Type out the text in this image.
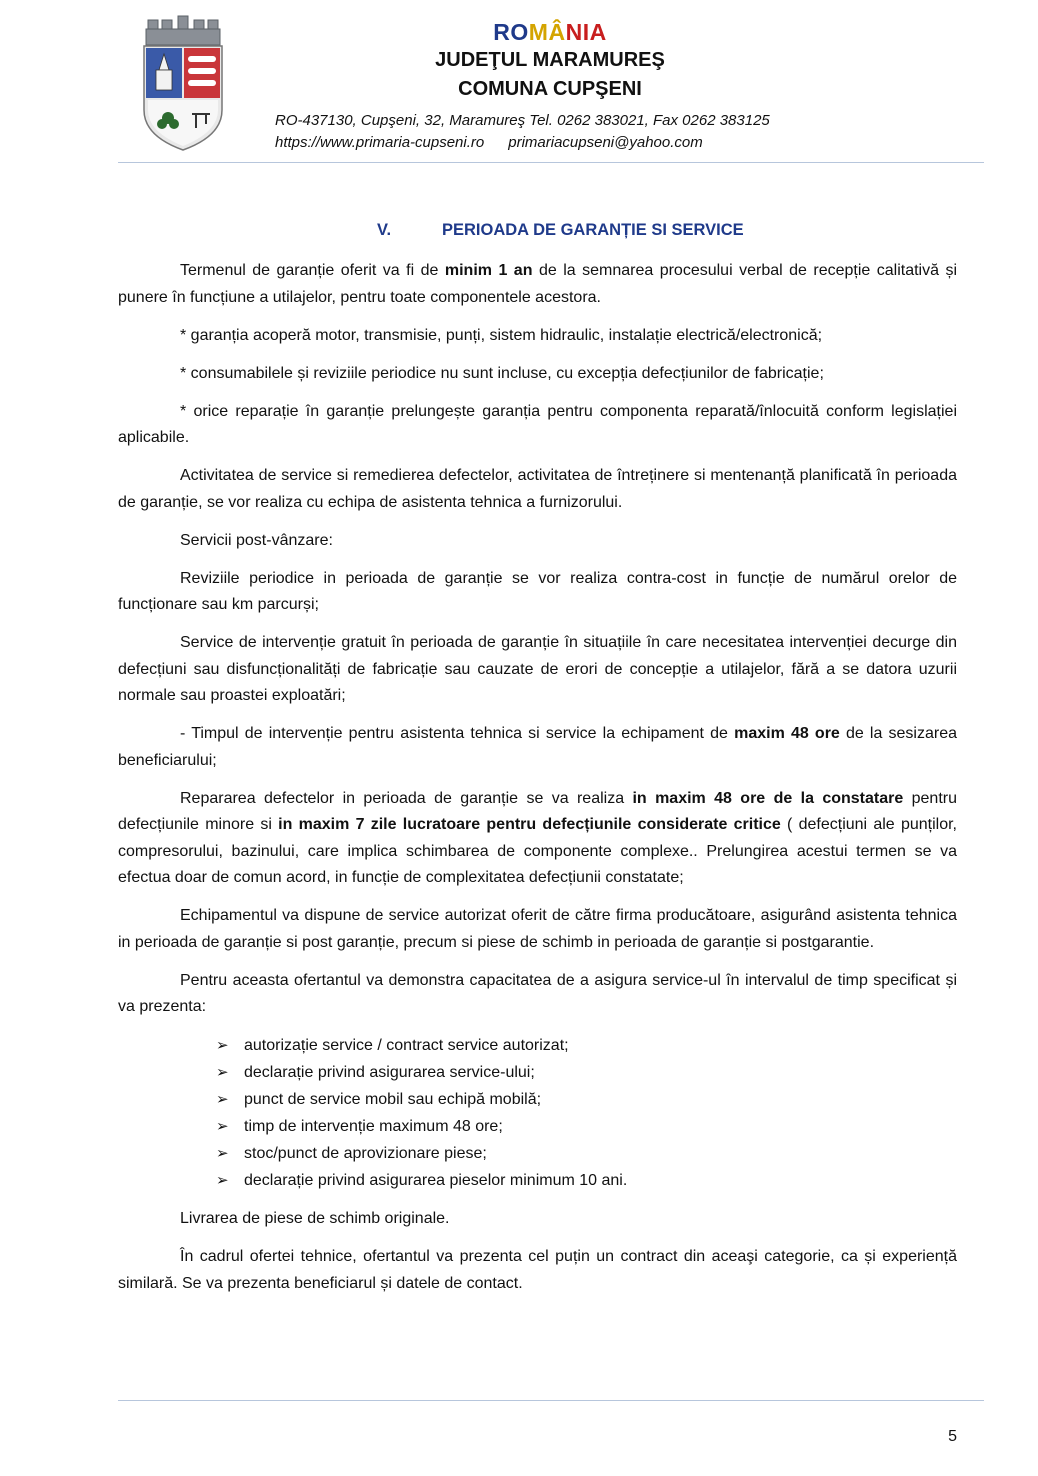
ROMÂNIA
JUDEŢUL MARAMUREŞ
COMUNA CUPŞENI
RO-437130, Cupşeni, 32, Maramureş Tel. 0262 383021, Fax 0262 383125
https://www.primaria-cupseni.ro primariacupseni@yahoo.com
V.	PERIOADA DE GARANȚIE SI SERVICE

Termenul de garanție oferit va fi de minim 1 an de la semnarea procesului verbal de recepție calitativă și punere în funcțiune a utilajelor, pentru toate componentele acestora.

* garanția acoperă motor, transmisie, punți, sistem hidraulic, instalație electrică/electronică;

* consumabilele și reviziile periodice nu sunt incluse, cu excepția defecțiunilor de fabricație;

* orice reparație în garanție prelungește garanția pentru componenta reparată/înlocuită conform legislației aplicabile.

Activitatea de service si remedierea defectelor, activitatea de întreținere si mentenanță planificată în perioada de garanție, se vor realiza cu echipa de asistenta tehnica a furnizorului.

Servicii post-vânzare:

Reviziile periodice in perioada de garanție se vor realiza contra-cost in funcție de numărul orelor de funcționare sau km parcurși;

Service de intervenție gratuit în perioada de garanție în situațiile în care necesitatea intervenției decurge din defecțiuni sau disfuncționalități de fabricație sau cauzate de erori de concepție a utilajelor, fără a se datora uzurii normale sau proastei exploatări;

- Timpul de intervenție pentru asistenta tehnica si service la echipament de maxim 48 ore de la sesizarea beneficiarului;

Repararea defectelor in perioada de garanție se va realiza in maxim 48 ore de la constatare pentru defecțiunile minore si in maxim 7 zile lucratoare pentru defecțiunile considerate critice ( defecțiuni ale punților, compresorului, bazinului, care implica schimbarea de componente complexe.. Prelungirea acestui termen se va efectua doar de comun acord, in funcție de complexitatea defecțiunii constatate;

Echipamentul va dispune de service autorizat oferit de către firma producătoare, asigurând asistenta tehnica in perioada de garanție si post garanție, precum si piese de schimb in perioada de garanție si postgarantie.

Pentru aceasta ofertantul va demonstra capacitatea de a asigura service-ul în intervalul de timp specificat și va prezenta:

➢ autorizație service / contract service autorizat;
➢ declarație privind asigurarea service-ului;
➢ punct de service mobil sau echipă mobilă;
➢ timp de intervenție maximum 48 ore;
➢ stoc/punct de aprovizionare piese;
➢ declarație privind asigurarea pieselor minimum 10 ani.

Livrarea de piese de schimb originale.

În cadrul ofertei tehnice, ofertantul va prezenta cel puțin un contract din aceaşi categorie, ca și experiență similară. Se va prezenta beneficiarul și datele de contact.

5
